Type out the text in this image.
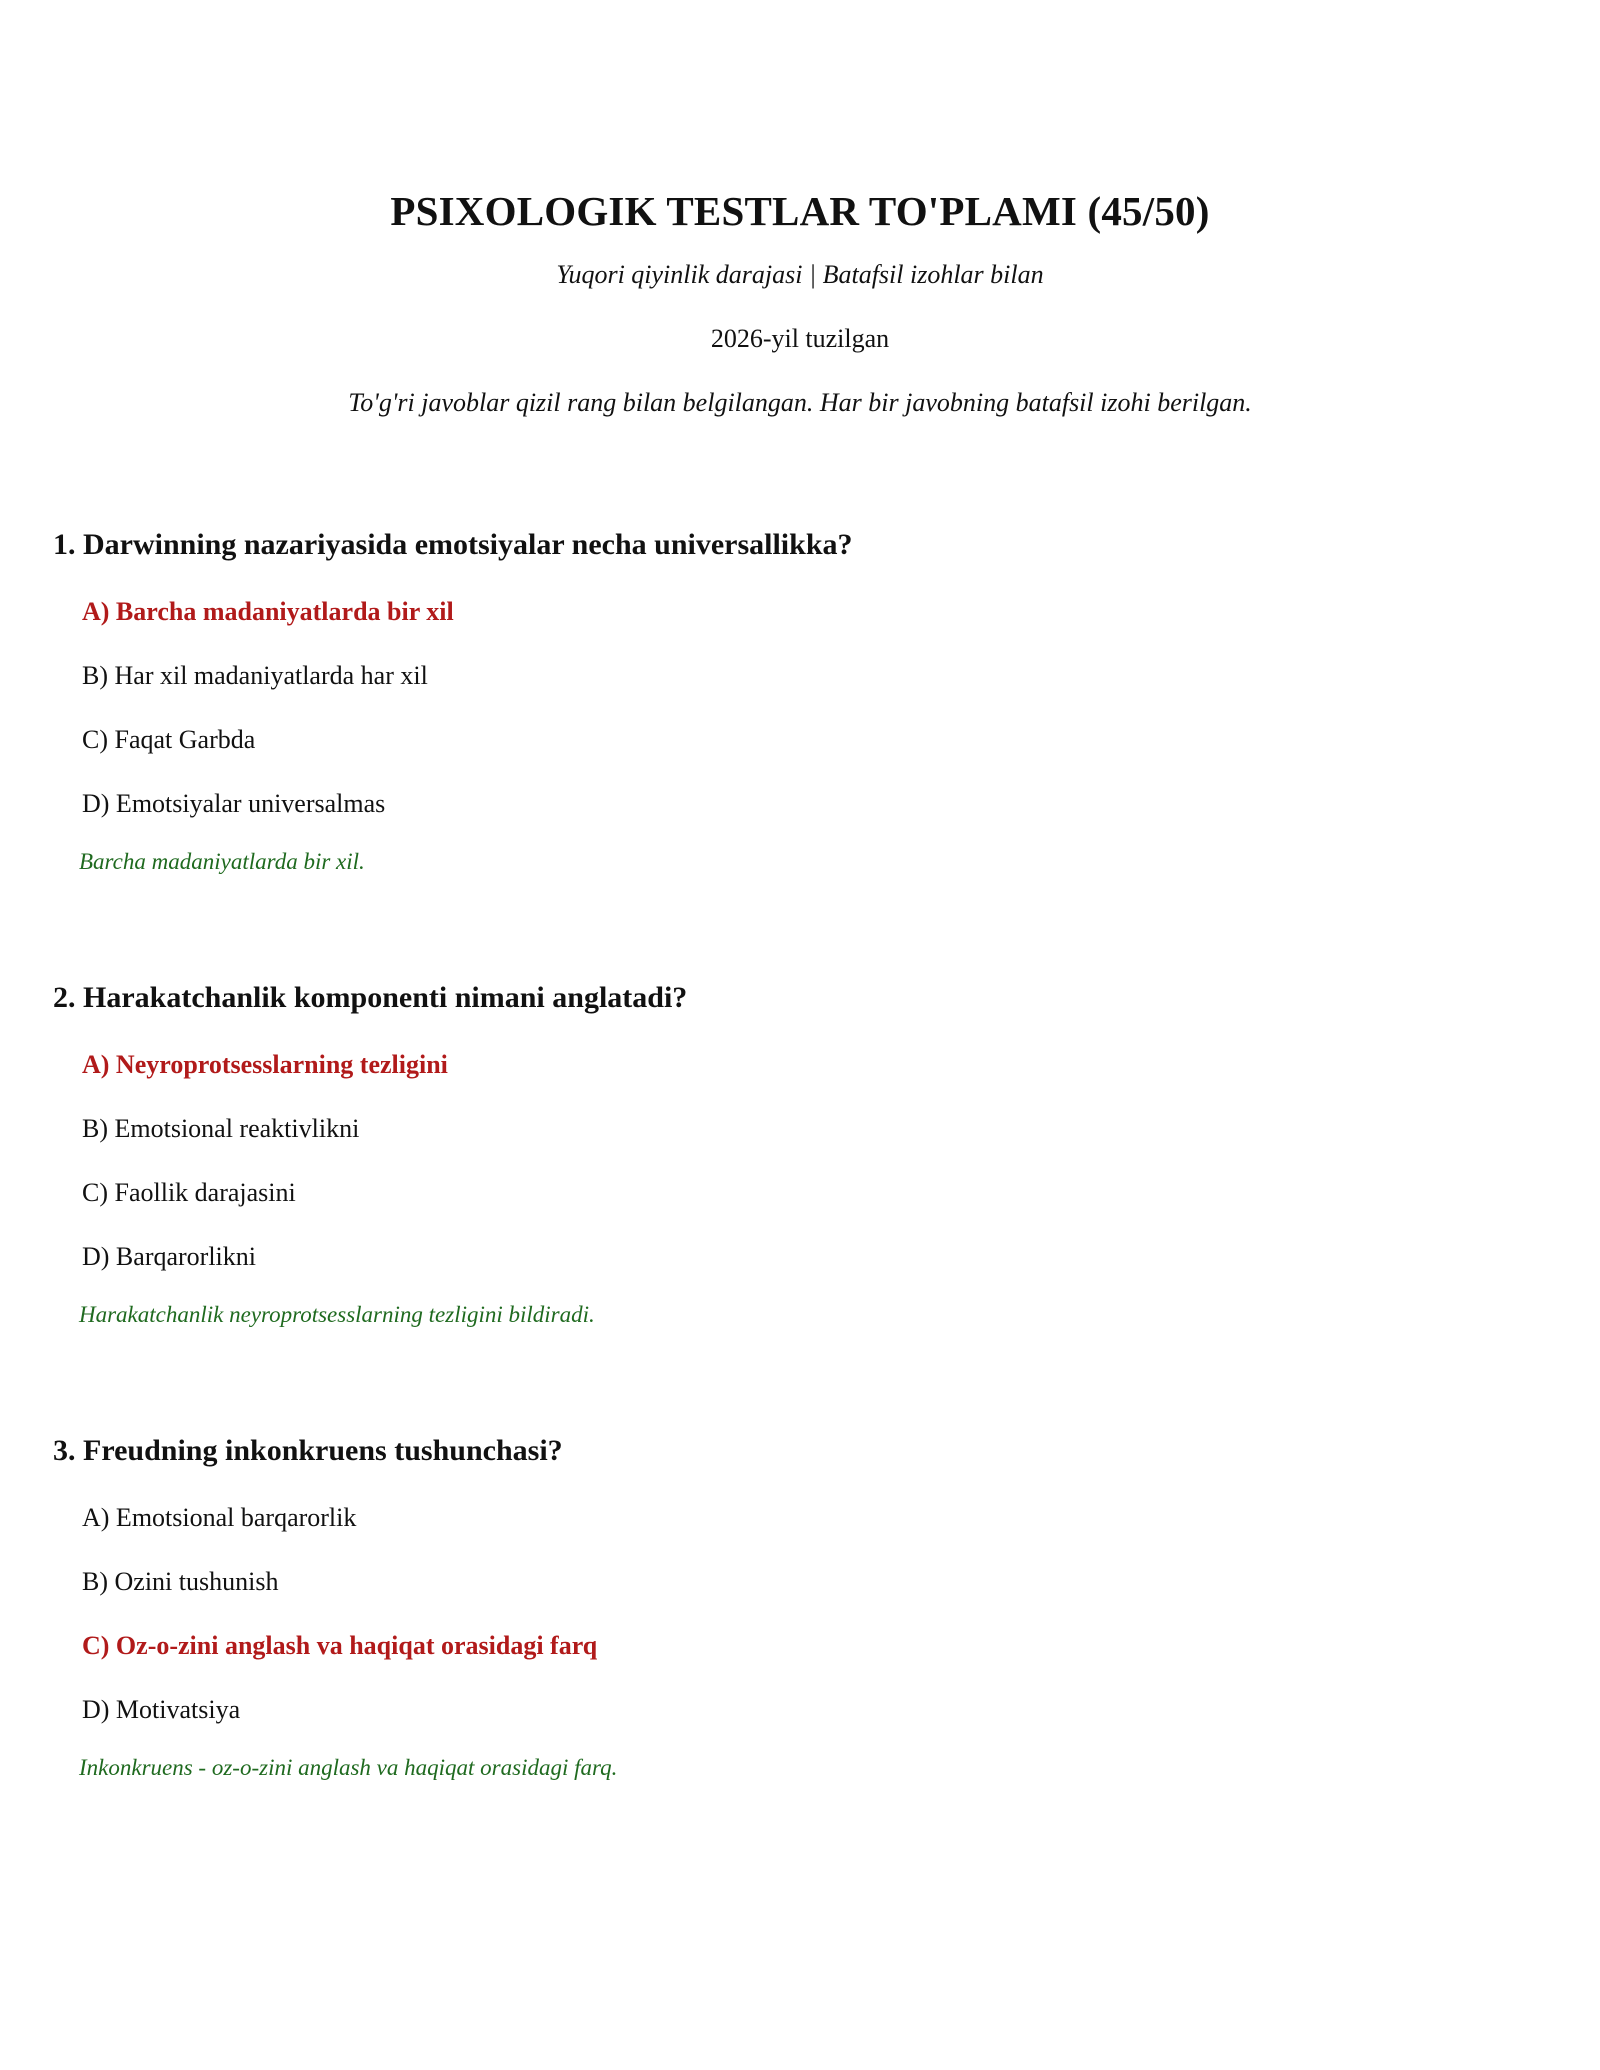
PSIXOLOGIK TESTLAR TO'PLAMI (45/50)
Yuqori qiyinlik darajasi | Batafsil izohlar bilan
2026-yil tuzilgan
To'g'ri javoblar qizil rang bilan belgilangan. Har bir javobning batafsil izohi berilgan.
1. Darwinning nazariyasida emotsiyalar necha universallikka?
A) Barcha madaniyatlarda bir xil
B) Har xil madaniyatlarda har xil
C) Faqat Garbda
D) Emotsiyalar universalmas
Barcha madaniyatlarda bir xil.
2. Harakatchanlik komponenti nimani anglatadi?
A) Neyroprotsesslarning tezligini
B) Emotsional reaktivlikni
C) Faollik darajasini
D) Barqarorlikni
Harakatchanlik neyroprotsesslarning tezligini bildiradi.
3. Freudning inkonkruens tushunchasi?
A) Emotsional barqarorlik
B) Ozini tushunish
C) Oz-o-zini anglash va haqiqat orasidagi farq
D) Motivatsiya
Inkonkruens - oz-o-zini anglash va haqiqat orasidagi farq.
